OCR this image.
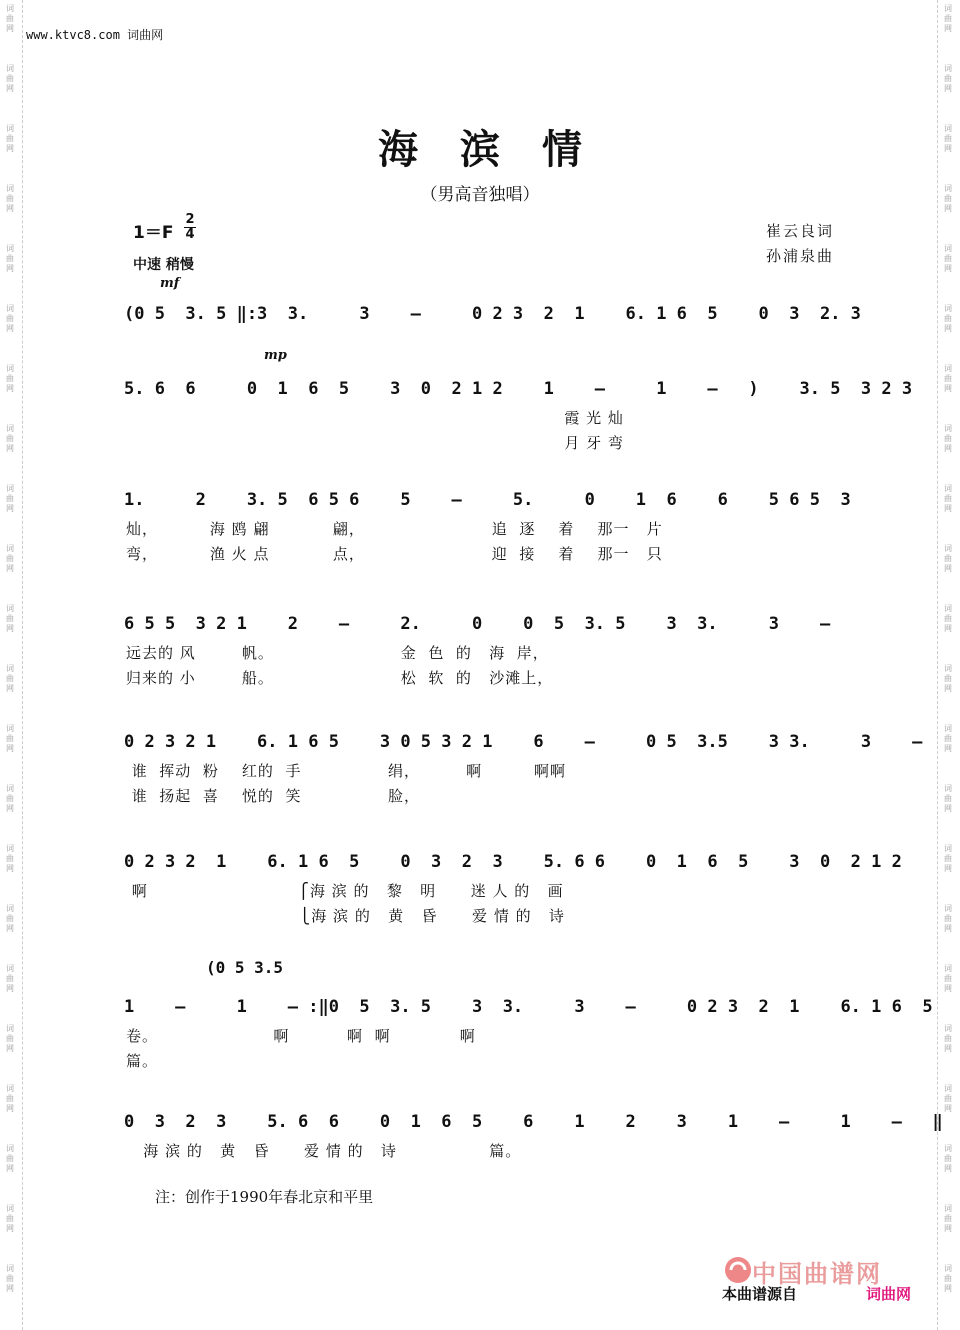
词
曲
网
词
曲
网
词
曲
网
词
曲
网
词
曲
网
词
曲
网
词
曲
网
词
曲
网
词
曲
网
词
曲
网
词
曲
网
词
曲
网
词
曲
网
词
曲
网
词
曲
网
词
曲
网
词
曲
网
词
曲
网
词
曲
网
词
曲
网
词
曲
网
词
曲
网
词
曲
网
词
曲
网
词
曲
网
词
曲
网
词
曲
网
词
曲
网
词
曲
网
词
曲
网
词
曲
网
词
曲
网
词
曲
网
词
曲
网
词
曲
网
词
曲
网
词
曲
网
词
曲
网
词
曲
网
词
曲
网
词
曲
网
词
曲
网
词
曲
网
词
曲
网
www.ktvc8.com 词曲网
海滨情
（男高音独唱）
1＝F
2
4
中速 稍慢
mf
mp
崔云良词
孙浦泉曲
(0 5  3. 5 ‖:3  3.     3    –     0 2 3  2  1    6. 1 6  5    0  3  2. 3
5. 6  6     0  1  6  5    3  0  2 1 2    1    –     1    –   )    3. 5  3 2 3
霞 光 灿
月 牙 弯
1.     2    3. 5  6 5 6    5    –     5.     0    1  6    6    5 6 5  3
灿，         海 鸥 翩           翩，                      追  逐    着    那一   片
弯，         渔 火 点           点，                      迎  接    着    那一   只
6 5 5  3 2 1    2    –     2.     0    0  5  3. 5    3  3.     3    –
远去的 风        帆。                      金  色  的   海  岸，
归来的 小        船。                      松  软  的   沙滩上，
0 2 3 2 1    6. 1 6 5    3 0 5 3 2 1    6    –     0 5  3.5    3 3.     3    –
谁  挥动  粉    红的  手               绢，        啊         啊啊
谁  扬起  喜    悦的  笑               脸，
0 2 3 2  1    6. 1 6  5    0  3  2  3    5. 6 6    0  1  6  5    3  0  2 1 2
啊                          ⎧海 滨 的   黎   明      迷 人 的   画
⎩海 滨 的   黄   昏      爱 情 的   诗
1    –     1    – :‖0  5  3. 5    3  3.     3    –     0 2 3  2  1    6. 1 6  5
卷。                    啊          啊  啊            啊
篇。
0  3  2  3    5. 6  6    0  1  6  5    6    1    2    3    1    –     1    –   ‖
海 滨 的   黄   昏      爱 情 的   诗                篇。
(0 5 3.5
注：创作于1990年春北京和平里
中国曲谱网
本曲谱源自	词曲网
